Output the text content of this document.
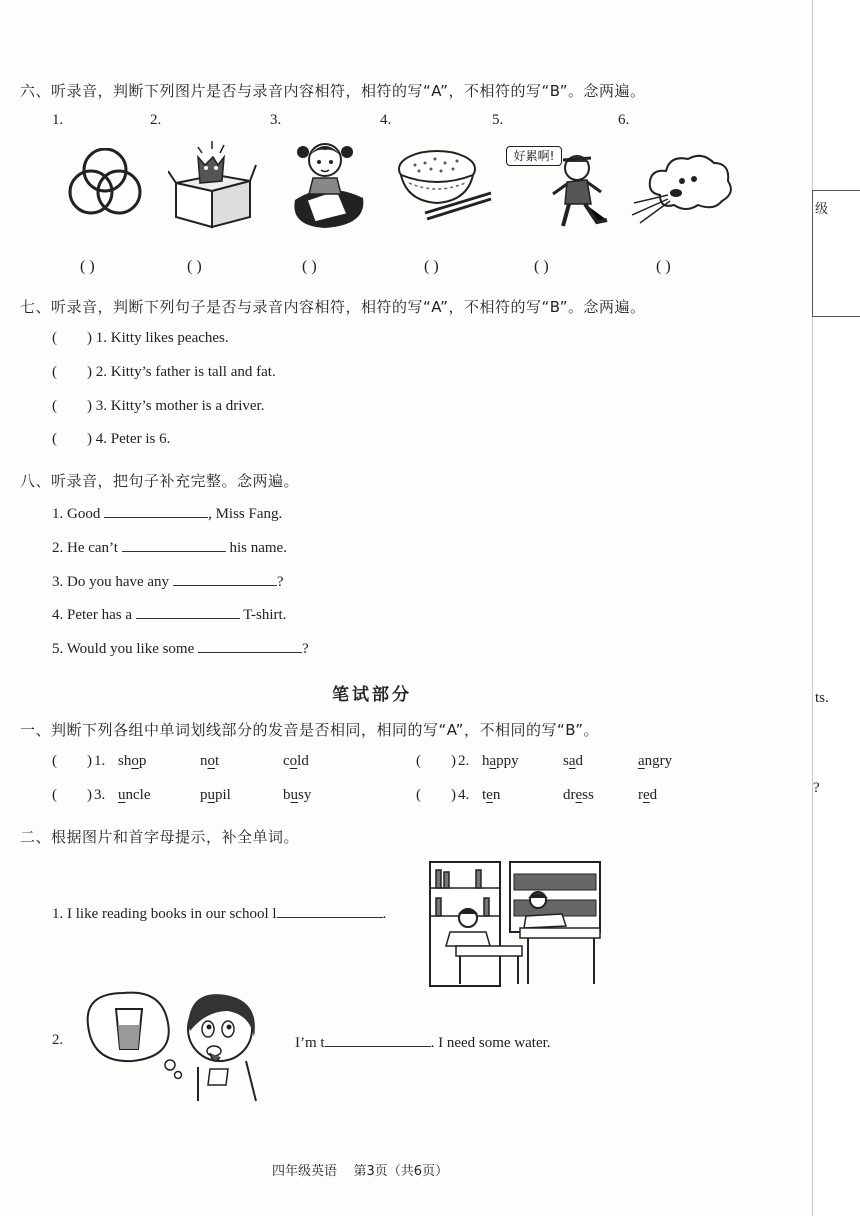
级
ts.
?
六、听录音，判断下列图片是否与录音内容相符，相符的写“A”，不相符的写“B”。念两遍。
1.	2.	3.	4.	5.	6.
好累啊!
( )	( )	( )	( )	( )	( )
七、听录音，判断下列句子是否与录音内容相符，相符的写“A”，不相符的写“B”。念两遍。
( ) 1. Kitty likes peaches.
( ) 2. Kitty’s father is tall and fat.
( ) 3. Kitty’s mother is a driver.
( ) 4. Peter is 6.
八、听录音，把句子补充完整。念两遍。
1. Good	, Miss Fang.
2. He can’t	his name.
3. Do you have any	?
4. Peter has a	T-shirt.
5. Would you like some	?
笔试部分
一、判断下列各组中单词划线部分的发音是否相同，相同的写“A”，不相同的写“B”。
( ) 1. shop	not	cold	( ) 2. happy	sad	angry
( ) 3. uncle	pupil	busy	( ) 4. ten	dress	red
二、根据图片和首字母提示，补全单词。
1. I like reading books in our school l	.
2.	I’m t	. I need some water.
四年级英语    第3页（共6页）
